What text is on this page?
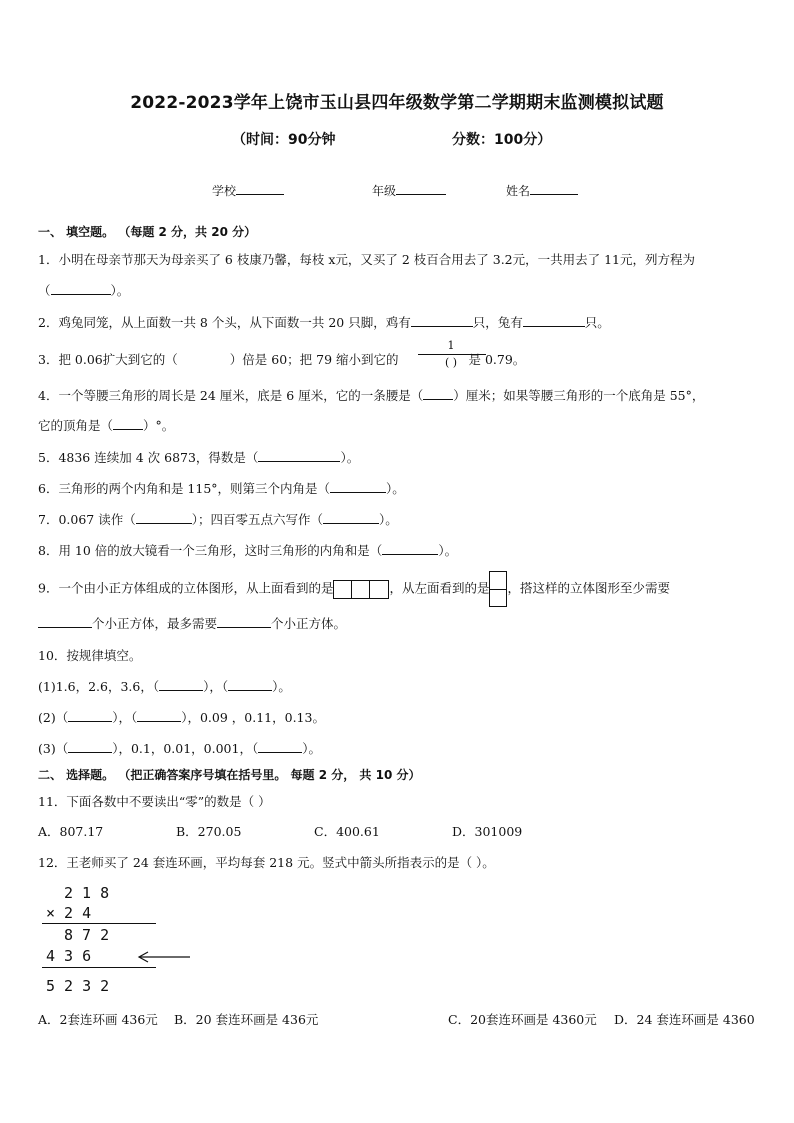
2022-2023学年上饶市玉山县四年级数学第二学期期末监测模拟试题
（时间：90分钟	分数：100分）
学校	年级	姓名
一、 填空题。 （每题 2 分，共 20 分）
1．小明在母亲节那天为母亲买了 6 枝康乃馨，每枝 x元，又买了 2 枝百合用去了 3.2元，一共用去了 11元，列方程为
（	）。
2．鸡兔同笼，从上面数一共 8 个头，从下面数一共 20 只脚，鸡有	只，兔有	只。
3．把 0.06扩大到它的（	）倍是 60；把 79 缩小到它的	是 0.79。
1
( )
4．一个等腰三角形的周长是 24 厘米，底是 6 厘米，它的一条腰是（ ）厘米；如果等腰三角形的一个底角是 55°，
它的顶角是（ ）°。
5．4836 连续加 4 次 6873，得数是（	）。
6．三角形的两个内角和是 115°，则第三个内角是（	）。
7．0.067 读作（	）；四百零五点六写作（	）。
8．用 10 倍的放大镜看一个三角形，这时三角形的内角和是（	）。
9．一个由小正方体组成的立体图形，从上面看到的是	，从左面看到的是 ，搭这样的立体图形至少需要
个小正方体，最多需要	个小正方体。
10．按规律填空。
(1)1.6，2.6，3.6，（	），（	）。
(2)（	），（	），0.09 ，0.11，0.13。
(3)（	），0.1，0.01，0.001，（	）。
二、 选择题。 （把正确答案序号填在括号里。 每题 2 分， 共 10 分）
11．下面各数中不要读出“零”的数是（ ）
A．807.17	B．270.05	C．400.61	D．301009
12．王老师买了 24 套连环画，平均每套 218 元。竖式中箭头所指表示的是（ ）。
2 1 8
× 2 4
8 7 2
4 3 6
5 2 3 2
A．2套连环画 436元 B．20 套连环画是 436元	C．20套连环画是 4360元 D．24 套连环画是 4360
